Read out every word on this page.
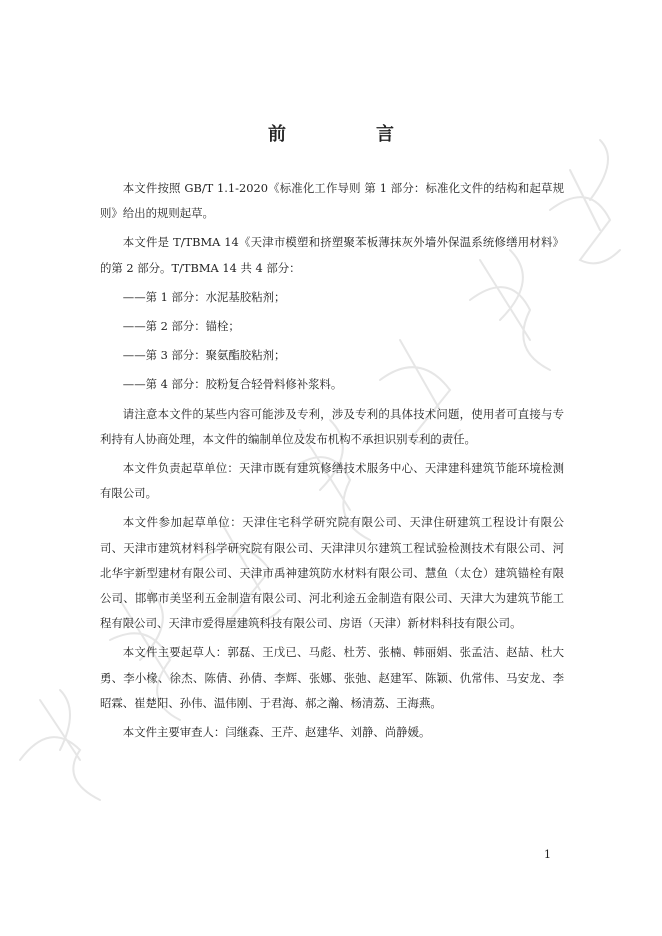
前　言

本文件按照 GB/T 1.1-2020《标准化工作导则 第 1 部分：标准化文件的结构和起草规则》给出的规则起草。

本文件是 T/TBMA 14《天津市模塑和挤塑聚苯板薄抹灰外墙外保温系统修缮用材料》的第 2 部分。T/TBMA 14 共 4 部分：

——第 1 部分：水泥基胶粘剂；

——第 2 部分：锚栓；

——第 3 部分：聚氨酯胶粘剂；

——第 4 部分：胶粉复合轻骨料修补浆料。

请注意本文件的某些内容可能涉及专利，涉及专利的具体技术问题，使用者可直接与专利持有人协商处理，本文件的编制单位及发布机构不承担识别专利的责任。

本文件负责起草单位：天津市既有建筑修缮技术服务中心、天津建科建筑节能环境检测有限公司。

本文件参加起草单位：天津住宅科学研究院有限公司、天津住研建筑工程设计有限公司、天津市建筑材料科学研究院有限公司、天津津贝尔建筑工程试验检测技术有限公司、河北华宇新型建材有限公司、天津市禹神建筑防水材料有限公司、慧鱼（太仓）建筑锚栓有限公司、邯郸市美坚利五金制造有限公司、河北利途五金制造有限公司、天津大为建筑节能工程有限公司、天津市爱得屋建筑科技有限公司、房语（天津）新材料科技有限公司。

本文件主要起草人：郭磊、王戊已、马彪、杜芳、张楠、韩丽娟、张孟洁、赵喆、杜大勇、李小椽、徐杰、陈倩、孙倩、李辉、张娜、张弛、赵建军、陈颖、仇常伟、马安龙、李昭霖、崔楚阳、孙伟、温伟刚、于君海、郝之瀚、杨清荔、王海燕。

本文件主要审查人：闫继森、王芹、赵建华、刘静、尚静媛。

1
